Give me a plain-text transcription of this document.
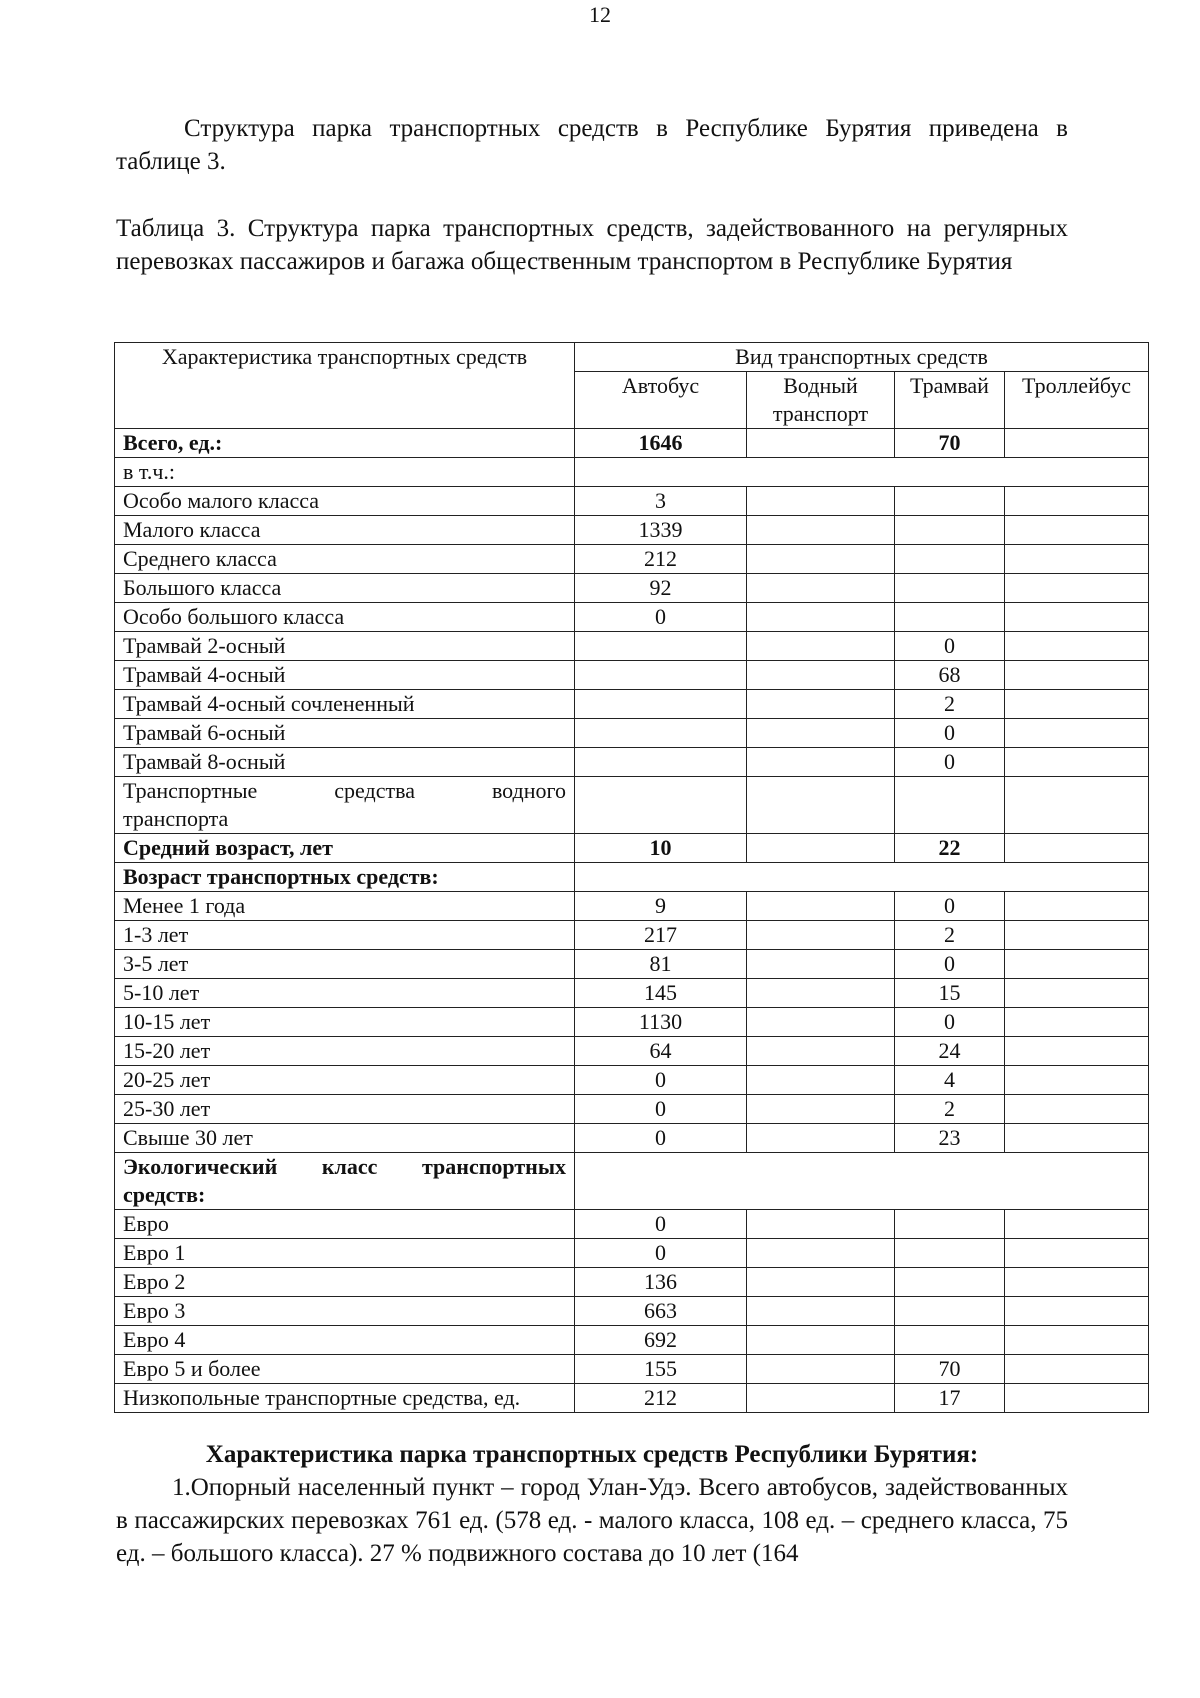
12

Структура парка транспортных средств в Республике Бурятия приведена в таблице 3.

Таблица 3. Структура парка транспортных средств, задействованного на регулярных перевозках пассажиров и багажа общественным транспортом в Республике Бурятия

Характеристика транспортных средств	Вид транспортных средств			
	Автобус	Водный транспорт	Трамвай	Троллейбус
Всего, ед.:	1646		70	
в т.ч.:				
Особо малого класса	3			
Малого класса	1339			
Среднего класса	212			
Большого класса	92			
Особо большого класса	0			
Трамвай 2-осный			0	
Трамвай 4-осный			68	
Трамвай 4-осный сочлененный			2	
Трамвай 6-осный			0	
Трамвай 8-осный			0	

Транспортные средства водного
транспорта				

Средний возраст, лет	10		22	
Возраст транспортных средств:				
Менее 1 года	9		0	
1-3 лет	217		2	
3-5 лет	81		0	
5-10 лет	145		15	
10-15 лет	1130		0	
15-20 лет	64		24	
20-25 лет	0		4	
25-30 лет	0		2	
Свыше 30 лет	0		23	

Экологический класс транспортных
средств:				

Евро	0			
Евро 1	0			
Евро 2	136			
Евро 3	663			
Евро 4	692			
Евро 5 и более	155		70	
Низкопольные транспортные средства, ед.	212		17	

Характеристика парка транспортных средств Республики Бурятия:

1.Опорный населенный пункт – город Улан-Удэ. Всего автобусов, задействованных в пассажирских перевозках 761 ед. (578 ед. - малого класса, 108 ед. – среднего класса, 75 ед. – большого класса). 27 % подвижного состава до 10 лет (164
